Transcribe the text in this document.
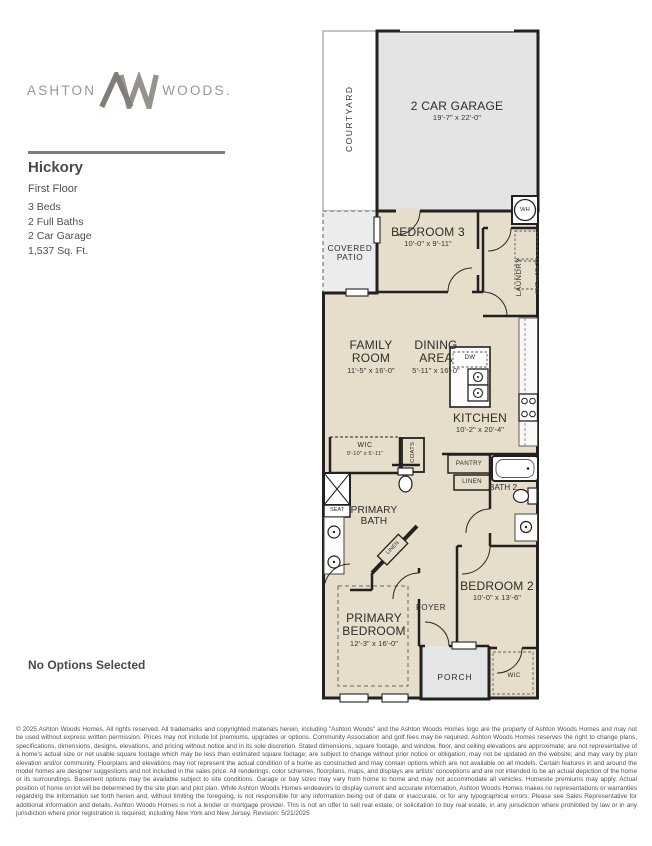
ASHTON	WOODS.
Hickory
First Floor
3 Beds
2 Full Baths
2 Car Garage
1,537 Sq. Ft.
No Options Selected
COURTYARD	2 CAR GARAGE
19'-7" x 22'-0"
WH
COVERED PATIO
BEDROOM 3
10'-0" x 9'-11"
LAUNDRY 6'-7" x 10'-7"
FAMILY ROOM
11'-5" x 16'-0"
DINING AREA
5'-11" x 16'-0"
DW
KITCHEN
10'-2" x 20'-4"
WIC
9'-10" x 5'-11"	COATS
SEAT PRIMARY BATH
LINEN
PANTRY
LINEN
BATH 2
PRIMARY BEDROOM
12'-3" x 16'-0"
FOYER
BEDROOM 2
10'-0" x 13'-6"
PORCH	WIC

© 2025 Ashton Woods Homes. All rights reserved. All trademarks and copyrighted materials herein, including "Ashton Woods" and the Ashton Woods Homes logo are the property of Ashton Woods Homes and may not be used without express written permission. Prices may not include lot premiums, upgrades or options. Community Association and golf fees may be required. Ashton Woods Homes reserves the right to change plans, specifications, dimensions, designs, elevations, and pricing without notice and in its sole discretion. Stated dimensions, square footage, and window, floor, and ceiling elevations are approximate; are not representative of a home's actual size or net usable square footage which may be less than estimated square footage; are subject to change without prior notice or obligation; may not be updated on the website; and may vary by plan elevation and/or community. Floorplans and elevations may not represent the actual condition of a home as constructed and may contain options which are not available on all models. Certain features in and around the model homes are designer suggestions and not included in the sales price. All renderings, color schemes, floorplans, maps, and displays are artists' conceptions and are not intended to be an actual depiction of the home or its surroundings. Basement options may be available subject to site conditions. Garage or bay sizes may vary from home to home and may not accommodate all vehicles. Homesite premiums may apply. Actual position of home on lot will be determined by the site plan and plot plan. While Ashton Woods Homes endeavors to display current and accurate information, Ashton Woods Homes makes no representations or warranties regarding the information set forth herein and, without limiting the foregoing, is not responsible for any information being out of date or inaccurate, or for any typographical errors. Please see Sales Representative for additional information and details. Ashton Woods Homes is not a lender or mortgage provider. This is not an offer to sell real estate, or solicitation to buy real estate, in any jurisdiction where prohibited by law or in any jurisdiction where prior registration is required, including New York and New Jersey. Revision: 5/21/2025
